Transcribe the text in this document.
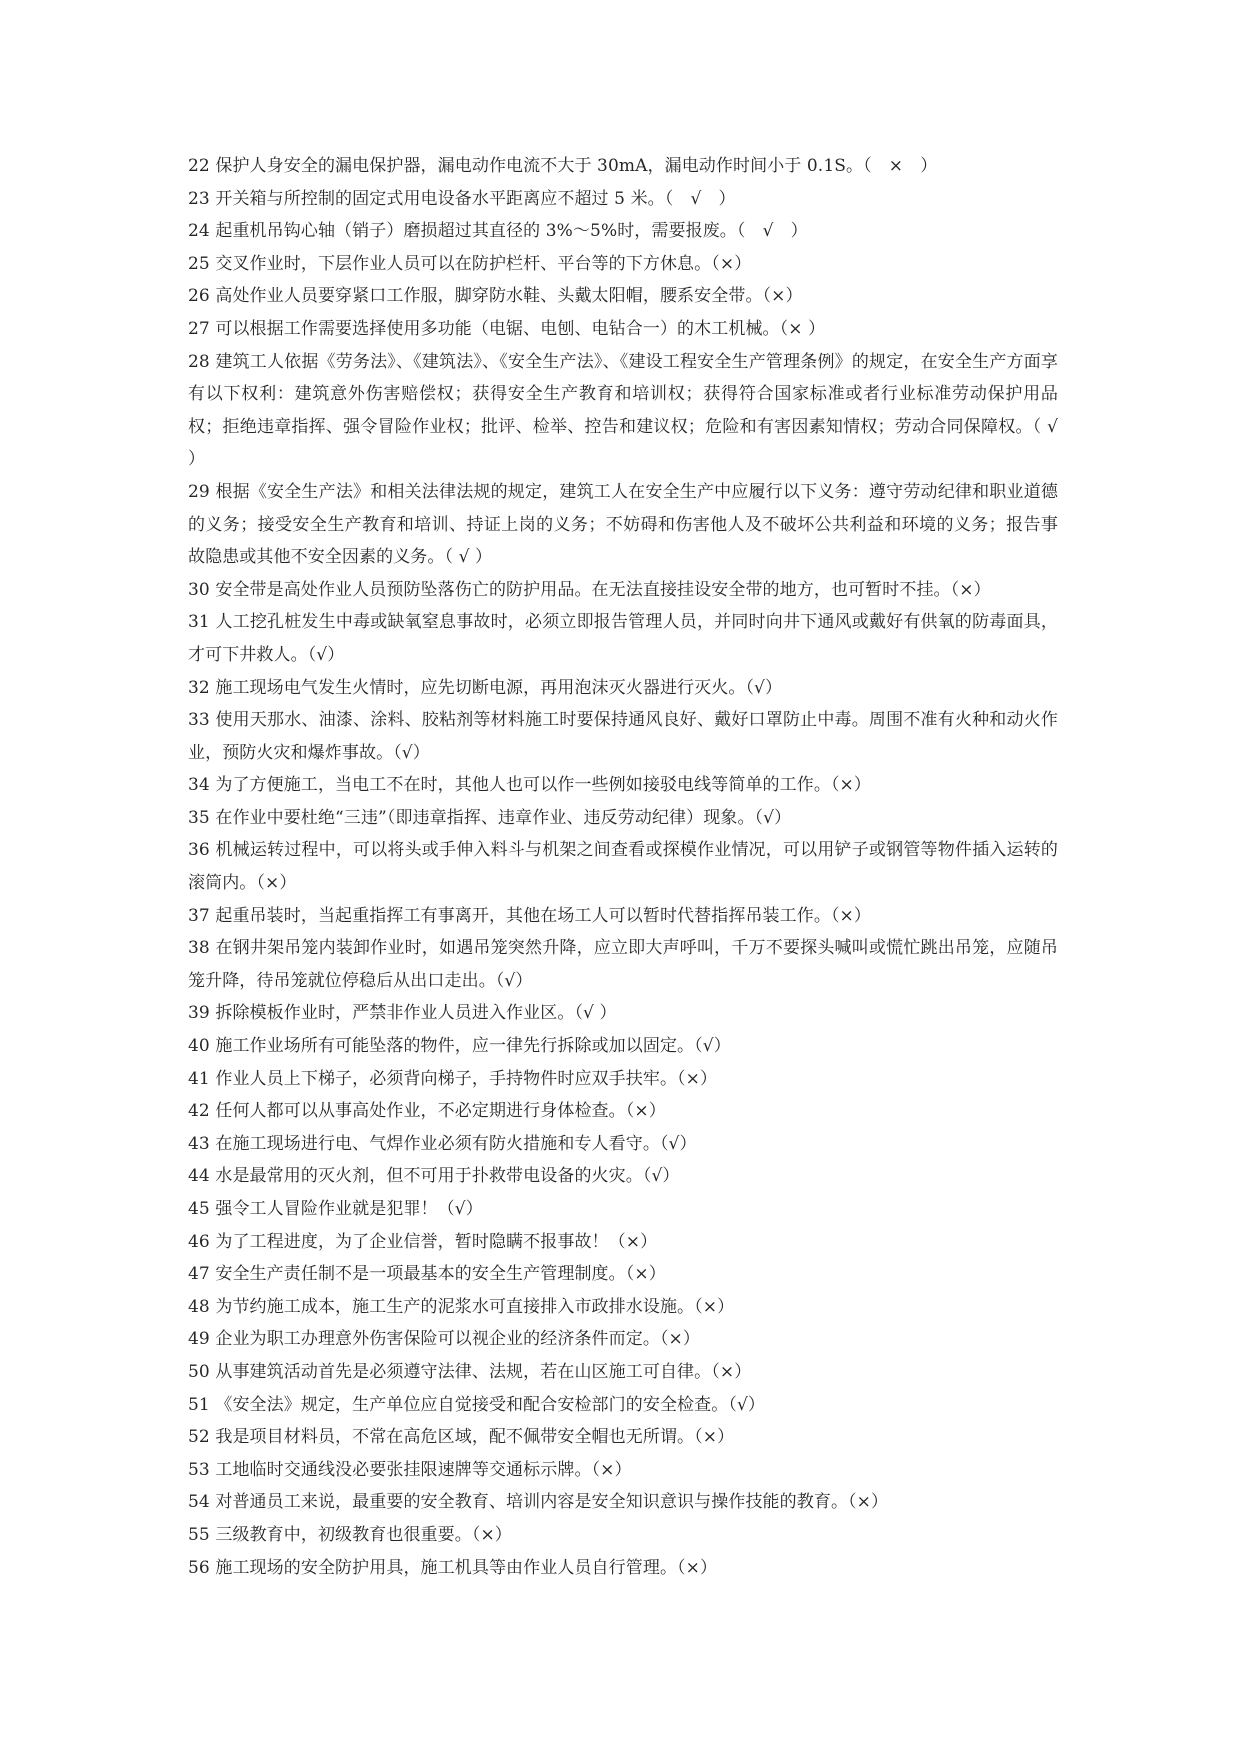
22 保护人身安全的漏电保护器，漏电动作电流不大于 30mA，漏电动作时间小于 0.1S。（　×　）

23 开关箱与所控制的固定式用电设备水平距离应不超过 5 米。（　√　）

24 起重机吊钩心轴（销子）磨损超过其直径的 3%～5%时，需要报废。（　√　）

25 交叉作业时，下层作业人员可以在防护栏杆、平台等的下方休息。（×）

26 高处作业人员要穿紧口工作服，脚穿防水鞋、头戴太阳帽，腰系安全带。（×）

27 可以根据工作需要选择使用多功能（电锯、电刨、电钻合一）的木工机械。（× ）

28 建筑工人依据《劳务法》、《建筑法》、《安全生产法》、《建设工程安全生产管理条例》的规定，在安全生产方面享有以下权利：建筑意外伤害赔偿权；获得安全生产教育和培训权；获得符合国家标准或者行业标准劳动保护用品权；拒绝违章指挥、强令冒险作业权；批评、检举、控告和建议权；危险和有害因素知情权；劳动合同保障权。（ √ ）

29 根据《安全生产法》和相关法律法规的规定，建筑工人在安全生产中应履行以下义务：遵守劳动纪律和职业道德的义务；接受安全生产教育和培训、持证上岗的义务；不妨碍和伤害他人及不破坏公共利益和环境的义务；报告事故隐患或其他不安全因素的义务。（ √ ）

30 安全带是高处作业人员预防坠落伤亡的防护用品。在无法直接挂设安全带的地方，也可暂时不挂。（×）

31 人工挖孔桩发生中毒或缺氧窒息事故时，必须立即报告管理人员，并同时向井下通风或戴好有供氧的防毒面具，才可下井救人。（√）

32 施工现场电气发生火情时，应先切断电源，再用泡沫灭火器进行灭火。（√）

33 使用天那水、油漆、涂料、胶粘剂等材料施工时要保持通风良好、戴好口罩防止中毒。周围不准有火种和动火作业，预防火灾和爆炸事故。（√）

34 为了方便施工，当电工不在时，其他人也可以作一些例如接驳电线等简单的工作。（×）

35 在作业中要杜绝“三违”（即违章指挥、违章作业、违反劳动纪律）现象。（√）

36 机械运转过程中，可以将头或手伸入料斗与机架之间查看或探模作业情况，可以用铲子或钢管等物件插入运转的滚筒内。（×）

37 起重吊装时，当起重指挥工有事离开，其他在场工人可以暂时代替指挥吊装工作。（×）

38 在钢井架吊笼内装卸作业时，如遇吊笼突然升降，应立即大声呼叫，千万不要探头喊叫或慌忙跳出吊笼，应随吊笼升降，待吊笼就位停稳后从出口走出。（√）

39 拆除模板作业时，严禁非作业人员进入作业区。（√ ）

40 施工作业场所有可能坠落的物件，应一律先行拆除或加以固定。（√）

41 作业人员上下梯子，必须背向梯子，手持物件时应双手扶牢。（×）

42 任何人都可以从事高处作业，不必定期进行身体检查。（×）

43 在施工现场进行电、气焊作业必须有防火措施和专人看守。（√）

44 水是最常用的灭火剂，但不可用于扑救带电设备的火灾。（√）

45 强令工人冒险作业就是犯罪！（√）

46 为了工程进度，为了企业信誉，暂时隐瞒不报事故！（×）

47 安全生产责任制不是一项最基本的安全生产管理制度。（×）

48 为节约施工成本，施工生产的泥浆水可直接排入市政排水设施。（×）

49 企业为职工办理意外伤害保险可以视企业的经济条件而定。（×）

50 从事建筑活动首先是必须遵守法律、法规，若在山区施工可自律。（×）

51 《安全法》规定，生产单位应自觉接受和配合安检部门的安全检查。（√）

52 我是项目材料员，不常在高危区域，配不佩带安全帽也无所谓。（×）

53 工地临时交通线没必要张挂限速牌等交通标示牌。（×）

54 对普通员工来说，最重要的安全教育、培训内容是安全知识意识与操作技能的教育。（×）

55 三级教育中，初级教育也很重要。（×）

56 施工现场的安全防护用具，施工机具等由作业人员自行管理。（×）
